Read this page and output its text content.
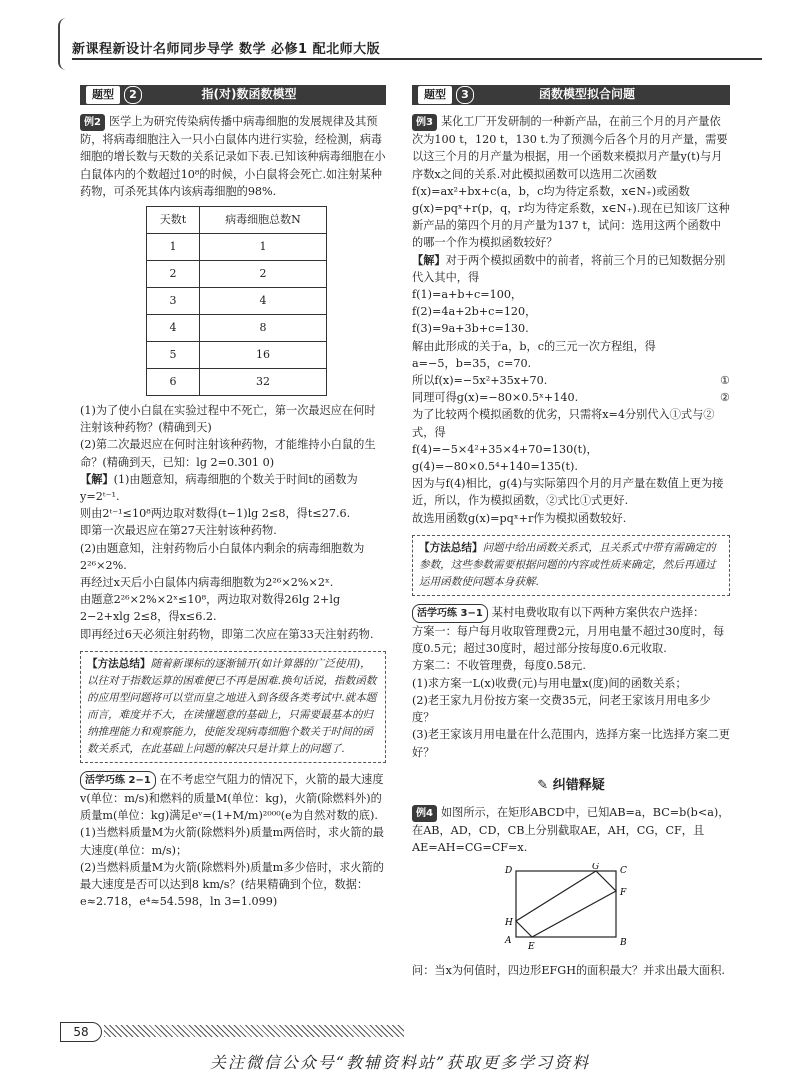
新课程新设计名师同步导学 数学 必修1 配北师大版
题型	2	指(对)数函数模型

例2 医学上为研究传染病传播中病毒细胞的发展规律及其预防，将病毒细胞注入一只小白鼠体内进行实验，经检测，病毒细胞的增长数与天数的关系记录如下表.已知该种病毒细胞在小白鼠体内的个数超过10⁸的时候，小白鼠将会死亡.如注射某种药物，可杀死其体内该病毒细胞的98%.

天数t	病毒细胞总数N
1	1
2	2
3	4
4	8
5	16
6	32

(1)为了使小白鼠在实验过程中不死亡，第一次最迟应在何时注射该种药物？(精确到天)

(2)第二次最迟应在何时注射该种药物，才能维持小白鼠的生命？(精确到天，已知：lg 2=0.301 0)

【解】(1)由题意知，病毒细胞的个数关于时间t的函数为y=2ᵗ⁻¹.

则由2ᵗ⁻¹≤10⁸两边取对数得(t−1)lg 2≤8，得t≤27.6.

即第一次最迟应在第27天注射该种药物.

(2)由题意知，注射药物后小白鼠体内剩余的病毒细胞数为2²⁶×2%.

再经过x天后小白鼠体内病毒细胞数为2²⁶×2%×2ˣ.

由题意2²⁶×2%×2ˣ≤10⁸，两边取对数得26lg 2+lg 2−2+xlg 2≤8，得x≤6.2.

即再经过6天必须注射药物，即第二次应在第33天注射药物.

【方法总结】随着新课标的逐渐铺开(如计算器的广泛使用)，以往对于指数运算的困难便已不再是困难.换句话说，指数函数的应用型问题将可以堂而皇之地进入到各级各类考试中.就本题而言，难度并不大，在读懂题意的基础上，只需要最基本的归纳推理能力和观察能力，使能发现病毒细胞个数关于时间的函数关系式，在此基础上问题的解决只是计算上的问题了.

活学巧练 2−1 在不考虑空气阻力的情况下，火箭的最大速度v(单位：m/s)和燃料的质量M(单位：kg)，火箭(除燃料外)的质量m(单位：kg)满足eᵛ=(1+M/m)²⁰⁰⁰(e为自然对数的底).

(1)当燃料质量M为火箭(除燃料外)质量m两倍时，求火箭的最大速度(单位：m/s)；

(2)当燃料质量M为火箭(除燃料外)质量m多少倍时，求火箭的最大速度是否可以达到8 km/s？(结果精确到个位，数据：e≈2.718，e⁴≈54.598，ln 3=1.099)

题型	3	函数模型拟合问题

例3 某化工厂开发研制的一种新产品，在前三个月的月产量依次为100 t，120 t，130 t.为了预测今后各个月的月产量，需要以这三个月的月产量为根据，用一个函数来模拟月产量y(t)与月序数x之间的关系.对此模拟函数可以选用二次函数f(x)=ax²+bx+c(a，b，c均为待定系数，x∈N₊)或函数g(x)=pqˣ+r(p，q，r均为待定系数，x∈N₊).现在已知该厂这种新产品的第四个月的月产量为137 t，试问：选用这两个函数中的哪一个作为模拟函数较好？

【解】对于两个模拟函数中的前者，将前三个月的已知数据分别代入其中，得

f(1)=a+b+c=100，

f(2)=4a+2b+c=120，

f(3)=9a+3b+c=130.

解由此形成的关于a，b，c的三元一次方程组，得

a=−5，b=35，c=70.

所以f(x)=−5x²+35x+70.	①

同理可得g(x)=−80×0.5ˣ+140.	②

为了比较两个模拟函数的优劣，只需将x=4分别代入①式与②式，得

f(4)=−5×4²+35×4+70=130(t)，

g(4)=−80×0.5⁴+140=135(t).

因为与f(4)相比，g(4)与实际第四个月的月产量在数值上更为接近，所以，作为模拟函数，②式比①式更好.

故选用函数g(x)=pqˣ+r作为模拟函数较好.

【方法总结】问题中给出函数关系式，且关系式中带有需确定的参数，这些参数需要根据问题的内容或性质来确定，然后再通过运用函数使问题本身获解.

活学巧练 3−1 某村电费收取有以下两种方案供农户选择：

方案一：每户每月收取管理费2元，月用电量不超过30度时，每度0.5元；超过30度时，超过部分按每度0.6元收取.

方案二：不收管理费，每度0.58元.

(1)求方案一L(x)收费(元)与用电量x(度)间的函数关系；

(2)老王家九月份按方案一交费35元，问老王家该月用电多少度？

(3)老王家该月用电量在什么范围内，选择方案一比选择方案二更好？

✎ 纠错释疑

例4 如图所示，在矩形ABCD中，已知AB=a，BC=b(b<a)，在AB，AD，CD，CB上分别截取AE，AH，CG，CF，且AE=AH=CG=CF=x.

A	B
C
D
E
F
G
H

问：当x为何值时，四边形EFGH的面积最大？并求出最大面积.

58
关注微信公众号“教辅资料站”获取更多学习资料
